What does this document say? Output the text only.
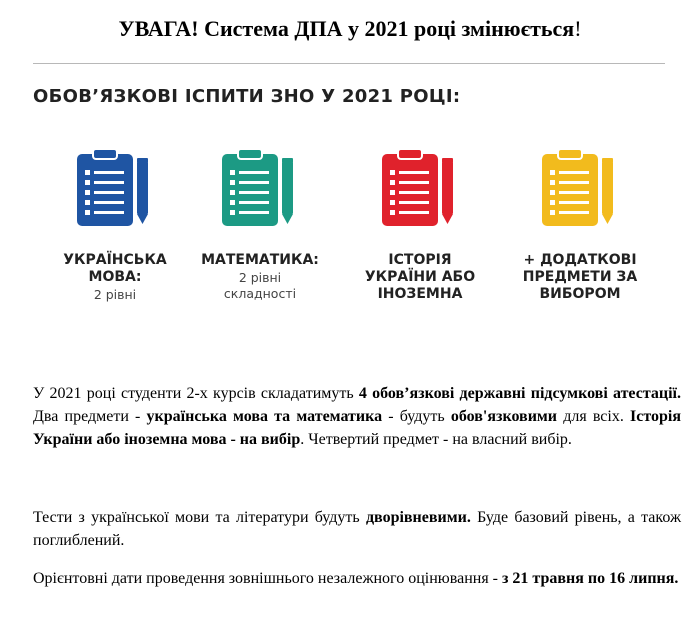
УВАГА! Система ДПА у 2021 році змінюється!
ОБОВ’ЯЗКОВІ ІСПИТИ ЗНО У 2021 РОЦІ:
УКРАЇНСЬКА
МОВА:
2 рівні
МАТЕМАТИКА:
2 рівні
складності
ІСТОРІЯ
УКРАЇНИ АБО
ІНОЗЕМНА
+ ДОДАТКОВІ
ПРЕДМЕТИ ЗА
ВИБОРОМ
У 2021 році студенти 2-х курсів складатимуть 4 обов’язкові державні підсумкові атестації. Два предмети - українська мова та математика - будуть обов'язковими для всіх. Історія України або іноземна мова - на вибір. Четвертий предмет - на власний вибір.
Тести з української мови та літератури будуть дворівневими. Буде базовий рівень, а також поглиблений.
Орієнтовні дати проведення зовнішнього незалежного оцінювання - з 21 травня по 16 липня.
